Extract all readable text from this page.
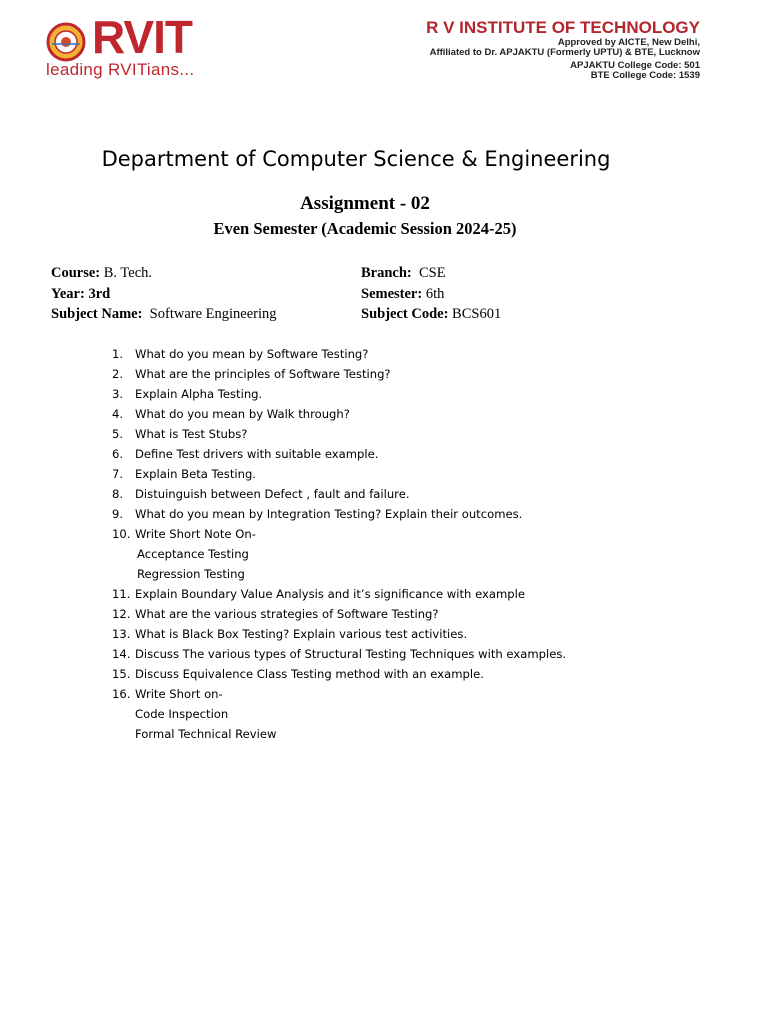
RVIT
leading RVITians...
R V INSTITUTE OF TECHNOLOGY
Approved by AICTE, New Delhi,
Affiliated to Dr. APJAKTU (Formerly UPTU) & BTE, Lucknow
APJAKTU College Code: 501
BTE College Code: 1539
Department of Computer Science & Engineering
Assignment - 02
Even Semester (Academic Session 2024-25)
Course: B. Tech.
Year: 3rd
Subject Name: Software Engineering
Branch: CSE
Semester: 6th
Subject Code: BCS601
1. What do you mean by Software Testing?
2. What are the principles of Software Testing?
3. Explain Alpha Testing.
4. What do you mean by Walk through?
5. What is Test Stubs?
6. Define Test drivers with suitable example.
7. Explain Beta Testing.
8. Distuinguish between Defect , fault and failure.
9. What do you mean by Integration Testing? Explain their outcomes.
10. Write Short Note On-
Acceptance Testing
Regression Testing
11. Explain Boundary Value Analysis and it’s significance with example
12. What are the various strategies of Software Testing?
13. What is Black Box Testing? Explain various test activities.
14. Discuss The various types of Structural Testing Techniques with examples.
15. Discuss Equivalence Class Testing method with an example.
16. Write Short on-
Code Inspection
Formal Technical Review
